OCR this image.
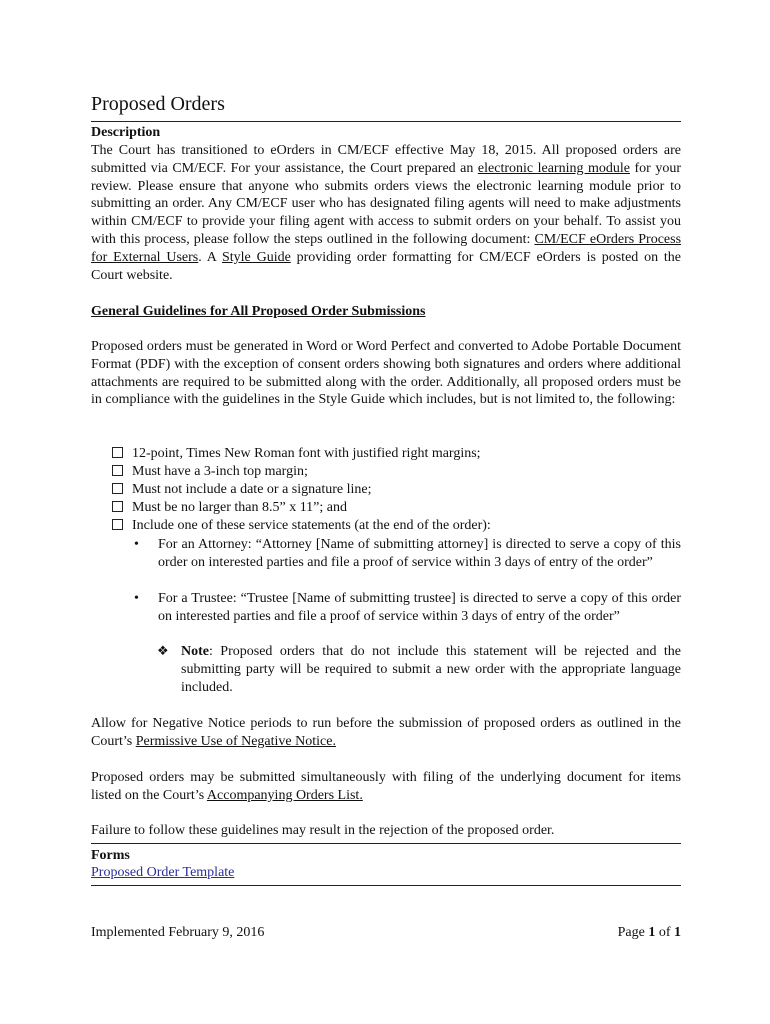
Proposed Orders
Description
The Court has transitioned to eOrders in CM/ECF effective May 18, 2015. All proposed orders are submitted via CM/ECF. For your assistance, the Court prepared an electronic learning module for your review. Please ensure that anyone who submits orders views the electronic learning module prior to submitting an order. Any CM/ECF user who has designated filing agents will need to make adjustments within CM/ECF to provide your filing agent with access to submit orders on your behalf. To assist you with this process, please follow the steps outlined in the following document: CM/ECF eOrders Process for External Users. A Style Guide providing order formatting for CM/ECF eOrders is posted on the Court website.
General Guidelines for All Proposed Order Submissions
Proposed orders must be generated in Word or Word Perfect and converted to Adobe Portable Document Format (PDF) with the exception of consent orders showing both signatures and orders where additional attachments are required to be submitted along with the order. Additionally, all proposed orders must be in compliance with the guidelines in the Style Guide which includes, but is not limited to, the following:
12-point, Times New Roman font with justified right margins;
Must have a 3-inch top margin;
Must not include a date or a signature line;
Must be no larger than 8.5” x 11”; and
Include one of these service statements (at the end of the order):
• For an Attorney: “Attorney [Name of submitting attorney] is directed to serve a copy of this order on interested parties and file a proof of service within 3 days of entry of the order”
• For a Trustee: “Trustee [Name of submitting trustee] is directed to serve a copy of this order on interested parties and file a proof of service within 3 days of entry of the order”
❖ Note: Proposed orders that do not include this statement will be rejected and the submitting party will be required to submit a new order with the appropriate language included.
Allow for Negative Notice periods to run before the submission of proposed orders as outlined in the Court’s Permissive Use of Negative Notice.
Proposed orders may be submitted simultaneously with filing of the underlying document for items listed on the Court’s Accompanying Orders List.
Failure to follow these guidelines may result in the rejection of the proposed order.
Forms
Proposed Order Template
Implemented February 9, 2016	Page 1 of 1
